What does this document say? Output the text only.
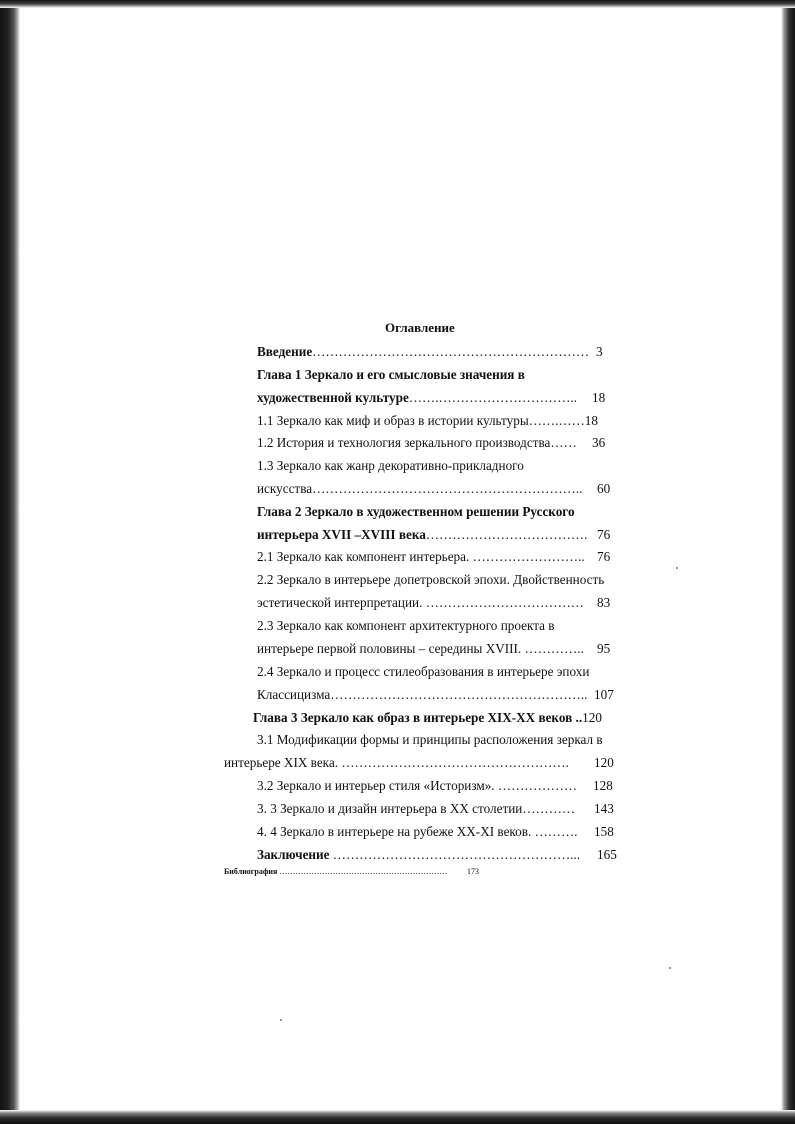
Оглавление
Введение……………………………………………………… 3
Глава 1 Зеркало и его смысловые значения в
художественной культуре…….………………………….. 18
1.1 Зеркало как миф и образ в истории культуры…….……18
1.2 История и технология зеркального производства…… 36
1.3 Зеркало как жанр декоративно-прикладного
искусства…………………………………………………….. 60
Глава 2 Зеркало в художественном решении Русского
интерьера XVII –XVIII века………………………………. 76
2.1 Зеркало как компонент интерьера. …………………….. 76
2.2 Зеркало в интерьере допетровской эпохи. Двойственность
эстетической интерпретации. ……………………………… 83
2.3 Зеркало как компонент архитектурного проекта в
интерьере первой половины – середины XVIII. ………….. 95
2.4 Зеркало и процесс стилеобразования в интерьере эпохи
Классицизма………………………………………………….. 107
Глава 3 Зеркало как образ в интерьере XIX-XX веков ..120
3.1 Модификации формы и принципы расположения зеркал в
интерьере XIX века. ……………………………………………. 120
3.2 Зеркало и интерьер стиля «Историзм». ……………… 128
3. 3 Зеркало и дизайн интерьера в XX столетии………… 143
4. 4 Зеркало в интерьере на рубеже XX-XI веков. ………. 158
Заключение ………………………………………………... 165
Библиография ……………………………………………………… 173
